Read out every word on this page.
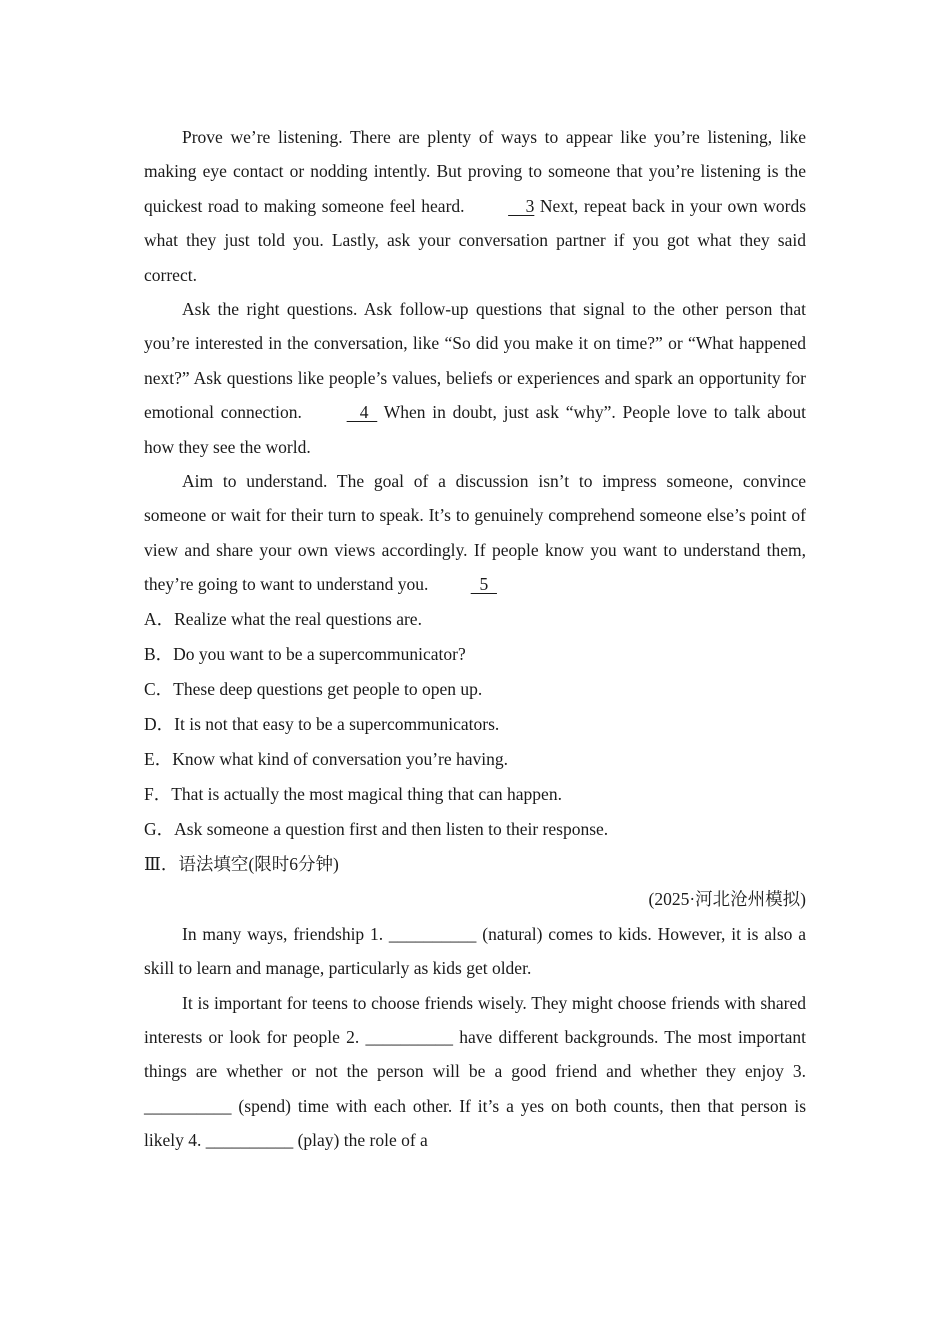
Prove we’re listening. There are plenty of ways to appear like you’re listening, like making eye contact or nodding intently. But proving to someone that you’re listening is the quickest road to making someone feel heard.     3 Next, repeat back in your own words what they just told you. Lastly, ask your conversation partner if you got what they said correct.

Ask the right questions. Ask follow-up questions that signal to the other person that you’re interested in the conversation, like “So did you make it on time?” or “What happened next?” Ask questions like people’s values, beliefs or experiences and spark an opportunity for emotional connection.	4   When in doubt, just ask “why”. People love to talk about how they see the world.

Aim to understand. The goal of a discussion isn’t to impress someone, convince someone or wait for their turn to speak. It’s to genuinely comprehend someone else’s point of view and share your own views accordingly. If people know you want to understand them, they’re going to want to understand you.   5

A．Realize what the real questions are.

B．Do you want to be a supercommunicator?

C．These deep questions get people to open up.

D．It is not that easy to be a supercommunicators.

E．Know what kind of conversation you’re having.

F．That is actually the most magical thing that can happen.

G．Ask someone a question first and then listen to their response.

Ⅲ．语法填空(限时6分钟)

(2025·河北沧州模拟)

In many ways, friendship 1. __________ (natural) comes to kids. However, it is also a skill to learn and manage, particularly as kids get older.

It is important for teens to choose friends wisely. They might choose friends with shared interests or look for people 2. __________ have different backgrounds. The most important things are whether or not the person will be a good friend and whether they enjoy 3. __________ (spend) time with each other. If it’s a yes on both counts, then that person is likely 4. __________ (play) the role of a
